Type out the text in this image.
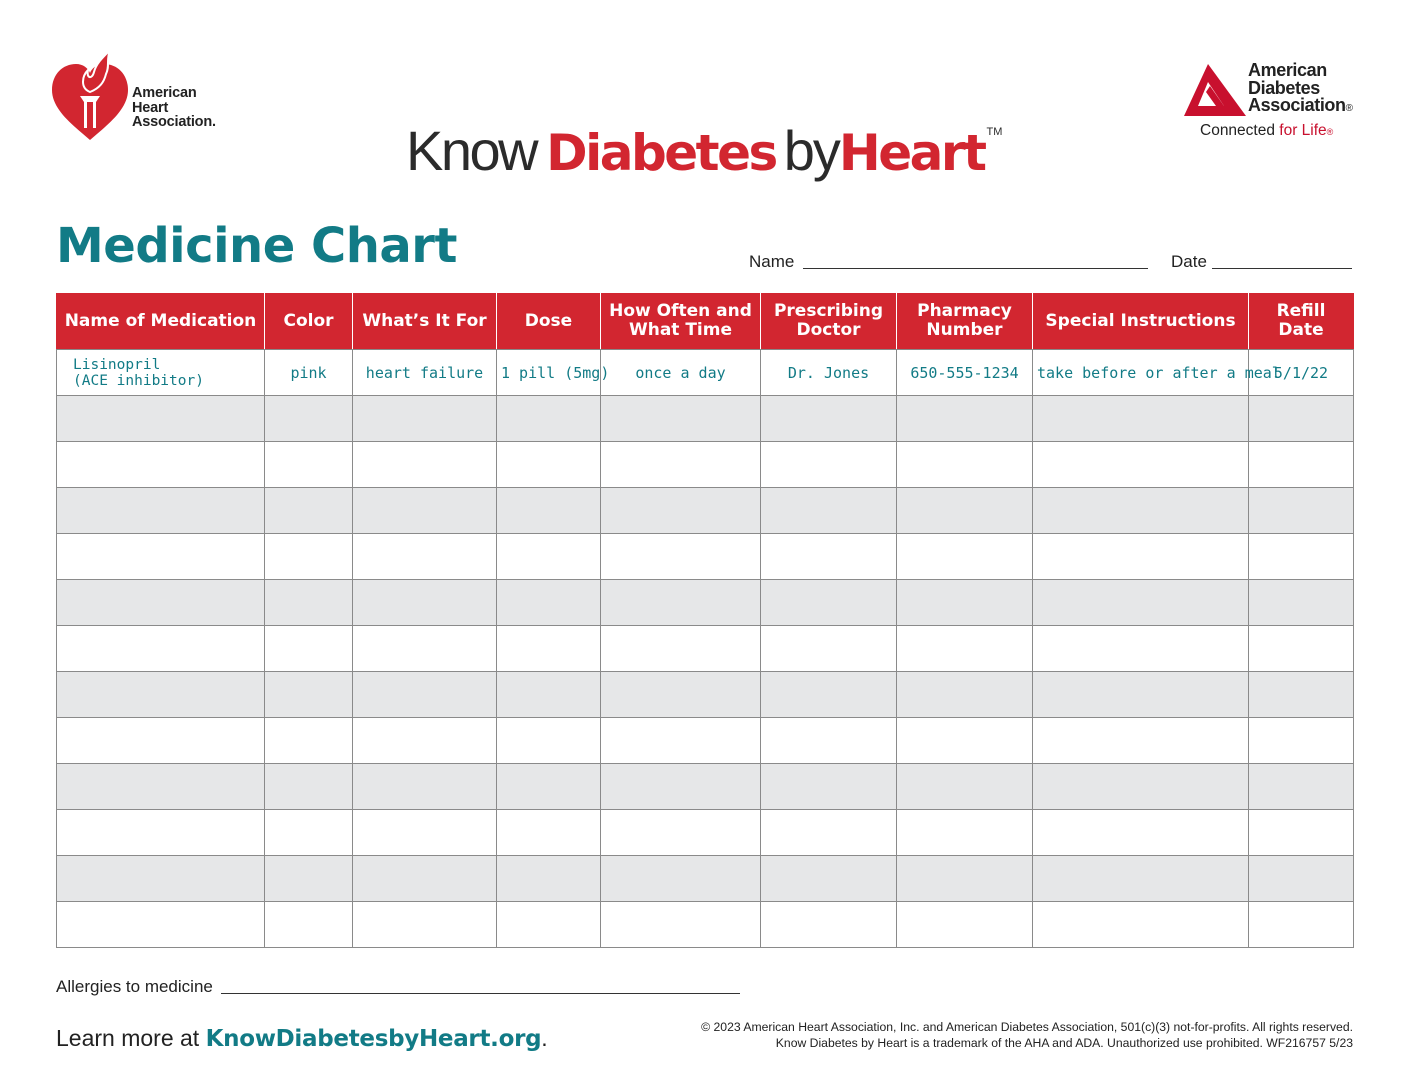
American
Heart
Association.
American
Diabetes
Association®
Connected for Life®
Know Diabetes byHeart ™
Medicine Chart	Name	Date
Name of Medication	Color	What’s It For	Dose	How Often and What Time	Prescribing Doctor	Pharmacy Number	Special Instructions	Refill Date

Lisinopril
(ACE inhibitor)	pink	heart failure	1 pill (5mg)	once a day	Dr. Jones	650-555-1234	take before or after a meal	5/1/22

Allergies to medicine
Learn more at KnowDiabetesbyHeart.org.	© 2023 American Heart Association, Inc. and American Diabetes Association, 501(c)(3) not-for-profits. All rights reserved.
Know Diabetes by Heart is a trademark of the AHA and ADA. Unauthorized use prohibited. WF216757 5/23
